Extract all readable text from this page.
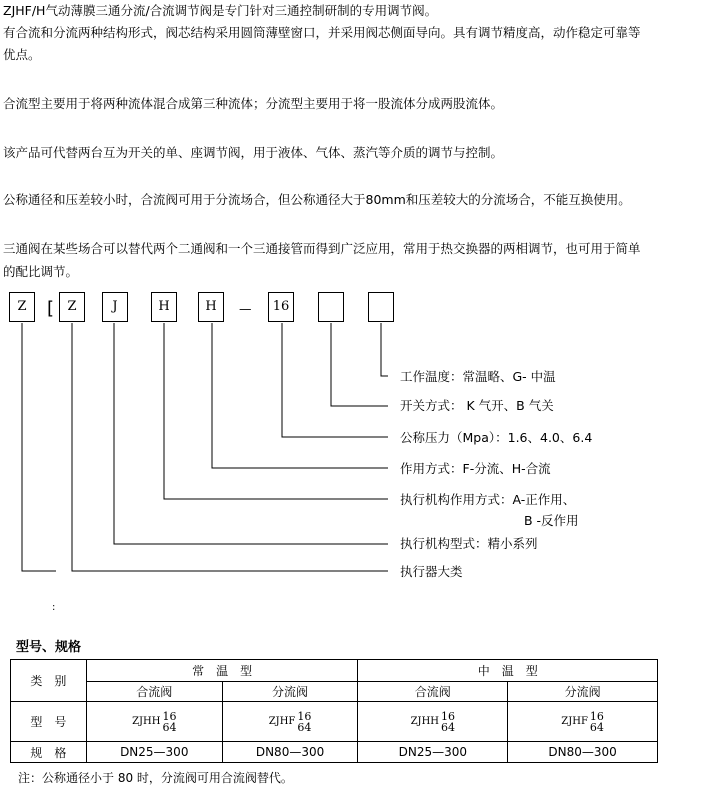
ZJHF/H气动薄膜三通分流/合流调节阀是专门针对三通控制研制的专用调节阀。

有合流和分流两种结构形式，阀芯结构采用圆筒薄壁窗口，并采用阀芯侧面导向。具有调节精度高，动作稳定可靠等

优点。

合流型主要用于将两种流体混合成第三种流体；分流型主要用于将一股流体分成两股流体。

该产品可代替两台互为开关的单、座调节阀，用于液体、气体、蒸汽等介质的调节与控制。

公称通径和压差较小时，合流阀可用于分流场合，但公称通径大于80mm和压差较大的分流场合，不能互换使用。

三通阀在某些场合可以替代两个二通阀和一个三通接管而得到广泛应用，常用于热交换器的两相调节，也可用于简单

的配比调节。

Z	[	Z	J	H	H	—	16
工作温度：常温略、G- 中温
开关方式： K 气开、B 气关
公称压力（Mpa）：1.6、4.0、6.4
作用方式：F-分流、H-合流
执行机构作用方式：A-正作用、
B -反作用
执行机构型式：精小系列
执行器大类
:
型号、规格
类　别	常　温　型		中　温　型	
	合流阀	分流阀	合流阀	分流阀
型　号	ZJHH 16
64	ZJHF 16
64	ZJHH 16
64	ZJHF 16
64

规　格	DN25—300	DN80—300	DN25—300	DN80—300
注：公称通径小于 80 时，分流阀可用合流阀替代。
